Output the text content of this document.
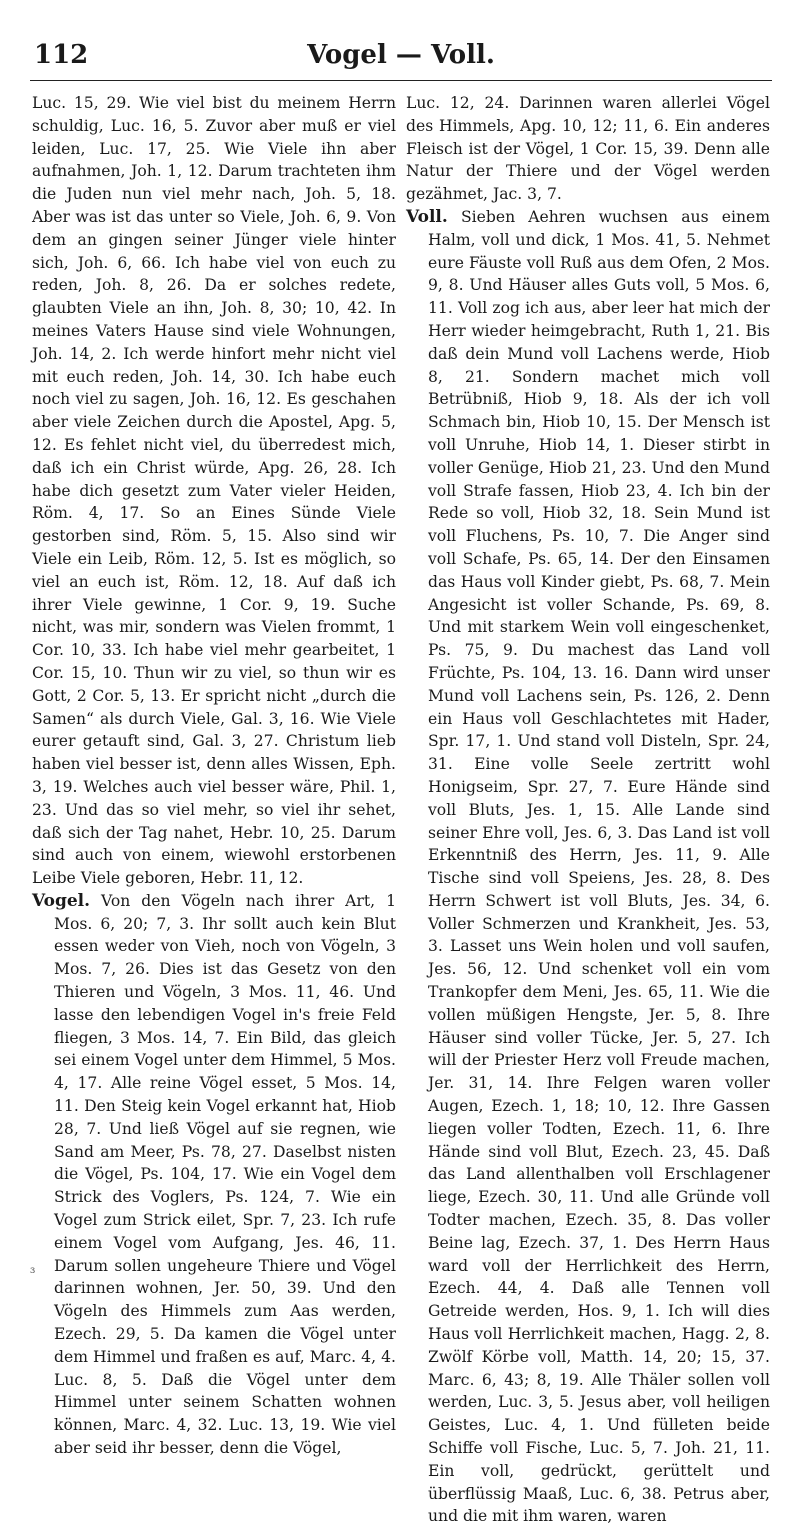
112	Vogel — Voll.

Luc. 15, 29. Wie viel bist du meinem Herrn schuldig, Luc. 16, 5. Zuvor aber muß er viel leiden, Luc. 17, 25. Wie Viele ihn aber aufnahmen, Joh. 1, 12. Darum trachteten ihm die Juden nun viel mehr nach, Joh. 5, 18. Aber was ist das unter so Viele, Joh. 6, 9. Von dem an gingen seiner Jünger viele hinter sich, Joh. 6, 66. Ich habe viel von euch zu reden, Joh. 8, 26. Da er solches redete, glaubten Viele an ihn, Joh. 8, 30; 10, 42. In meines Vaters Hause sind viele Wohnungen, Joh. 14, 2. Ich werde hinfort mehr nicht viel mit euch reden, Joh. 14, 30. Ich habe euch noch viel zu sagen, Joh. 16, 12. Es geschahen aber viele Zeichen durch die Apostel, Apg. 5, 12. Es fehlet nicht viel, du überredest mich, daß ich ein Christ würde, Apg. 26, 28. Ich habe dich gesetzt zum Vater vieler Heiden, Röm. 4, 17. So an Eines Sünde Viele gestorben sind, Röm. 5, 15. Also sind wir Viele ein Leib, Röm. 12, 5. Ist es möglich, so viel an euch ist, Röm. 12, 18. Auf daß ich ihrer Viele gewinne, 1 Cor. 9, 19. Suche nicht, was mir, sondern was Vielen frommt, 1 Cor. 10, 33. Ich habe viel mehr gearbeitet, 1 Cor. 15, 10. Thun wir zu viel, so thun wir es Gott, 2 Cor. 5, 13. Er spricht nicht „durch die Samen“ als durch Viele, Gal. 3, 16. Wie Viele eurer getauft sind, Gal. 3, 27. Christum lieb haben viel besser ist, denn alles Wissen, Eph. 3, 19. Welches auch viel besser wäre, Phil. 1, 23. Und das so viel mehr, so viel ihr sehet, daß sich der Tag nahet, Hebr. 10, 25. Darum sind auch von einem, wiewohl erstorbenen Leibe Viele geboren, Hebr. 11, 12.

Vogel. Von den Vögeln nach ihrer Art, 1 Mos. 6, 20; 7, 3. Ihr sollt auch kein Blut essen weder von Vieh, noch von Vögeln, 3 Mos. 7, 26. Dies ist das Gesetz von den Thieren und Vögeln, 3 Mos. 11, 46. Und lasse den lebendigen Vogel in's freie Feld fliegen, 3 Mos. 14, 7. Ein Bild, das gleich sei einem Vogel unter dem Himmel, 5 Mos. 4, 17. Alle reine Vögel esset, 5 Mos. 14, 11. Den Steig kein Vogel erkannt hat, Hiob 28, 7. Und ließ Vögel auf sie regnen, wie Sand am Meer, Ps. 78, 27. Daselbst nisten die Vögel, Ps. 104, 17. Wie ein Vogel dem Strick des Voglers, Ps. 124, 7. Wie ein Vogel zum Strick eilet, Spr. 7, 23. Ich rufe einem Vogel vom Aufgang, Jes. 46, 11. Darum sollen ungeheure Thiere und Vögel darinnen wohnen, Jer. 50, 39. Und den Vögeln des Himmels zum Aas werden, Ezech. 29, 5. Da kamen die Vögel unter dem Himmel und fraßen es auf, Marc. 4, 4. Luc. 8, 5. Daß die Vögel unter dem Himmel unter seinem Schatten wohnen können, Marc. 4, 32. Luc. 13, 19. Wie viel aber seid ihr besser, denn die Vögel,

Luc. 12, 24. Darinnen waren allerlei Vögel des Himmels, Apg. 10, 12; 11, 6. Ein anderes Fleisch ist der Vögel, 1 Cor. 15, 39. Denn alle Natur der Thiere und der Vögel werden gezähmet, Jac. 3, 7.

Voll. Sieben Aehren wuchsen aus einem Halm, voll und dick, 1 Mos. 41, 5. Nehmet eure Fäuste voll Ruß aus dem Ofen, 2 Mos. 9, 8. Und Häuser alles Guts voll, 5 Mos. 6, 11. Voll zog ich aus, aber leer hat mich der Herr wieder heimgebracht, Ruth 1, 21. Bis daß dein Mund voll Lachens werde, Hiob 8, 21. Sondern machet mich voll Betrübniß, Hiob 9, 18. Als der ich voll Schmach bin, Hiob 10, 15. Der Mensch ist voll Unruhe, Hiob 14, 1. Dieser stirbt in voller Genüge, Hiob 21, 23. Und den Mund voll Strafe fassen, Hiob 23, 4. Ich bin der Rede so voll, Hiob 32, 18. Sein Mund ist voll Fluchens, Ps. 10, 7. Die Anger sind voll Schafe, Ps. 65, 14. Der den Einsamen das Haus voll Kinder giebt, Ps. 68, 7. Mein Angesicht ist voller Schande, Ps. 69, 8. Und mit starkem Wein voll eingeschenket, Ps. 75, 9. Du machest das Land voll Früchte, Ps. 104, 13. 16. Dann wird unser Mund voll Lachens sein, Ps. 126, 2. Denn ein Haus voll Geschlachtetes mit Hader, Spr. 17, 1. Und stand voll Disteln, Spr. 24, 31. Eine volle Seele zertritt wohl Honigseim, Spr. 27, 7. Eure Hände sind voll Bluts, Jes. 1, 15. Alle Lande sind seiner Ehre voll, Jes. 6, 3. Das Land ist voll Erkenntniß des Herrn, Jes. 11, 9. Alle Tische sind voll Speiens, Jes. 28, 8. Des Herrn Schwert ist voll Bluts, Jes. 34, 6. Voller Schmerzen und Krankheit, Jes. 53, 3. Lasset uns Wein holen und voll saufen, Jes. 56, 12. Und schenket voll ein vom Trankopfer dem Meni, Jes. 65, 11. Wie die vollen müßigen Hengste, Jer. 5, 8. Ihre Häuser sind voller Tücke, Jer. 5, 27. Ich will der Priester Herz voll Freude machen, Jer. 31, 14. Ihre Felgen waren voller Augen, Ezech. 1, 18; 10, 12. Ihre Gassen liegen voller Todten, Ezech. 11, 6. Ihre Hände sind voll Blut, Ezech. 23, 45. Daß das Land allenthalben voll Erschlagener liege, Ezech. 30, 11. Und alle Gründe voll Todter machen, Ezech. 35, 8. Das voller Beine lag, Ezech. 37, 1. Des Herrn Haus ward voll der Herrlichkeit des Herrn, Ezech. 44, 4. Daß alle Tennen voll Getreide werden, Hos. 9, 1. Ich will dies Haus voll Herrlichkeit machen, Hagg. 2, 8. Zwölf Körbe voll, Matth. 14, 20; 15, 37. Marc. 6, 43; 8, 19. Alle Thäler sollen voll werden, Luc. 3, 5. Jesus aber, voll heiligen Geistes, Luc. 4, 1. Und fülleten beide Schiffe voll Fische, Luc. 5, 7. Joh. 21, 11. Ein voll, gedrückt, gerüttelt und überflüssig Maaß, Luc. 6, 38. Petrus aber, und die mit ihm waren, waren

ɜ
